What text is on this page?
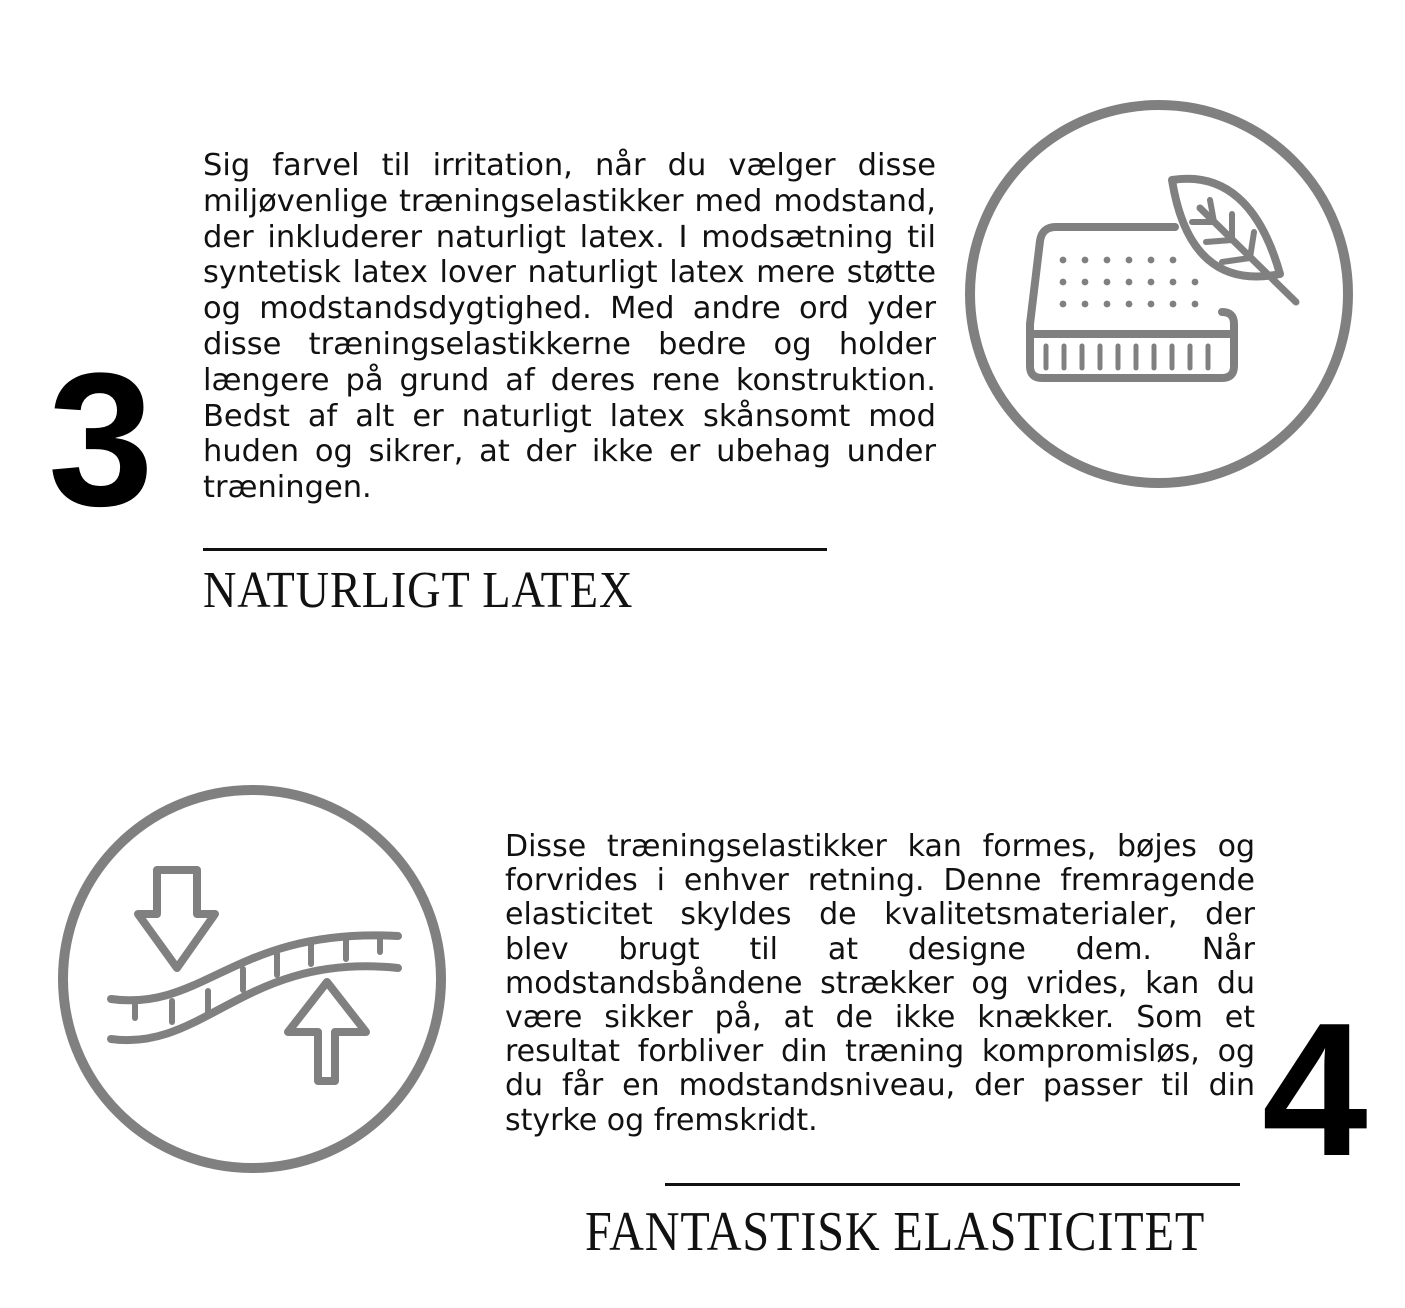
3

Sig farvel til irritation, når du vælger disse miljøvenlige træningselastikker med modstand, der inkluderer naturligt latex. I modsætning til syntetisk latex lover naturligt latex mere støtte og modstandsdygtighed. Med andre ord yder disse træningselastikkerne bedre og holder længere på grund af deres rene konstruktion. Bedst af alt er naturligt latex skånsomt mod huden og sikrer, at der ikke er ubehag under træningen.

NATURLIGT LATEX

Disse træningselastikker kan formes, bøjes og forvrides i enhver retning. Denne fremragende elasticitet skyldes de kvalitetsmaterialer, der blev brugt til at designe dem. Når modstandsbåndene strækker og vrides, kan du være sikker på, at de ikke knækker. Som et resultat forbliver din træning kompromisløs, og du får en modstandsniveau, der passer til din styrke og fremskridt.	4
FANTASTISK ELASTICITET
